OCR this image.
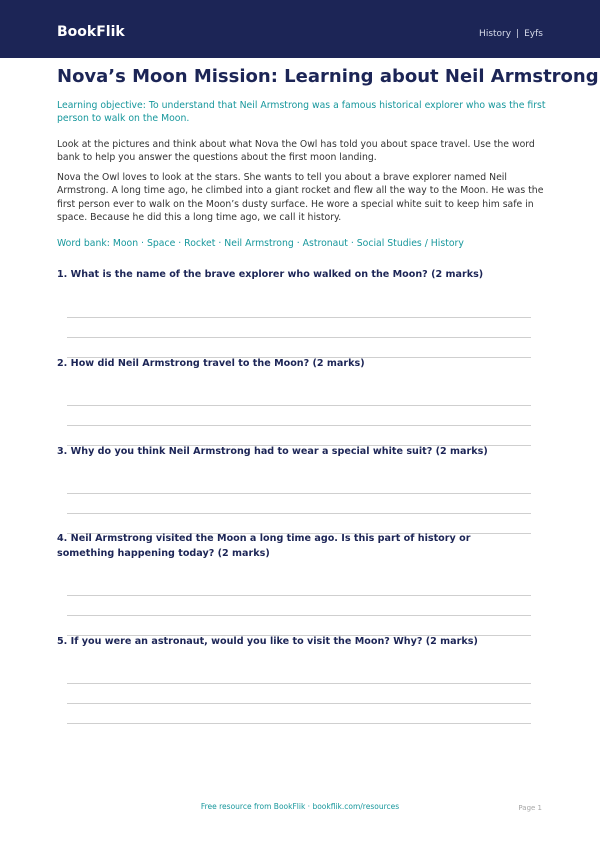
BookFlik	History | Eyfs
Nova’s Moon Mission: Learning about Neil Armstrong
Learning objective: To understand that Neil Armstrong was a famous historical explorer who was the first person to walk on the Moon.
Look at the pictures and think about what Nova the Owl has told you about space travel. Use the word bank to help you answer the questions about the first moon landing.
Nova the Owl loves to look at the stars. She wants to tell you about a brave explorer named Neil Armstrong. A long time ago, he climbed into a giant rocket and flew all the way to the Moon. He was the first person ever to walk on the Moon’s dusty surface. He wore a special white suit to keep him safe in space. Because he did this a long time ago, we call it history.
Word bank: Moon · Space · Rocket · Neil Armstrong · Astronaut · Social Studies / History
1. What is the name of the brave explorer who walked on the Moon? (2 marks)
2. How did Neil Armstrong travel to the Moon? (2 marks)
3. Why do you think Neil Armstrong had to wear a special white suit? (2 marks)
4. Neil Armstrong visited the Moon a long time ago. Is this part of history or something happening today? (2 marks)
5. If you were an astronaut, would you like to visit the Moon? Why? (2 marks)
Free resource from BookFlik · bookflik.com/resources	Page 1
